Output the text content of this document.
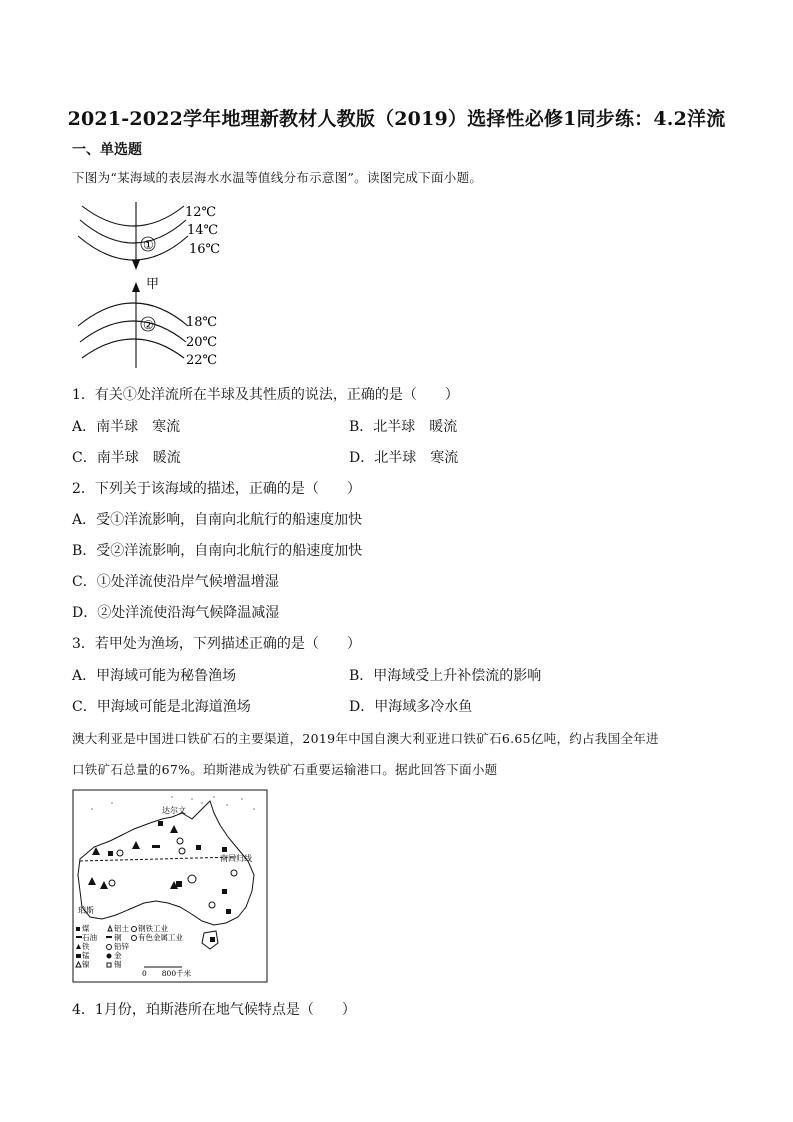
2021-2022学年地理新教材人教版（2019）选择性必修1同步练：4.2洋流
一、单选题
下图为“某海域的表层海水水温等值线分布示意图”。读图完成下面小题。
①
②
甲
12℃
14℃
16℃
18℃
20℃
22℃
1．有关①处洋流所在半球及其性质的说法，正确的是（　　）
A．南半球　寒流	B．北半球　暖流
C．南半球　暖流	D．北半球　寒流
2．下列关于该海域的描述，正确的是（　　）
A．受①洋流影响，自南向北航行的船速度加快
B．受②洋流影响，自南向北航行的船速度加快
C．①处洋流使沿岸气候增温增湿
D．②处洋流使沿海气候降温减湿
3．若甲处为渔场，下列描述正确的是（　　）
A．甲海域可能为秘鲁渔场	B．甲海域受上升补偿流的影响
C．甲海域可能是北海道渔场	D．甲海域多冷水鱼
澳大利亚是中国进口铁矿石的主要渠道，2019年中国自澳大利亚进口铁矿石6.65亿吨，约占我国全年进
口铁矿石总量的67%。珀斯港成为铁矿石重要运输港口。据此回答下面小题
南回归线
达尔文
珀斯
煤	铝土 钢铁工业
石油 铜 有色金属工业
铁	铅锌
锰	金
镍	锡
0　　800千米
4．1月份，珀斯港所在地气候特点是（　　）
